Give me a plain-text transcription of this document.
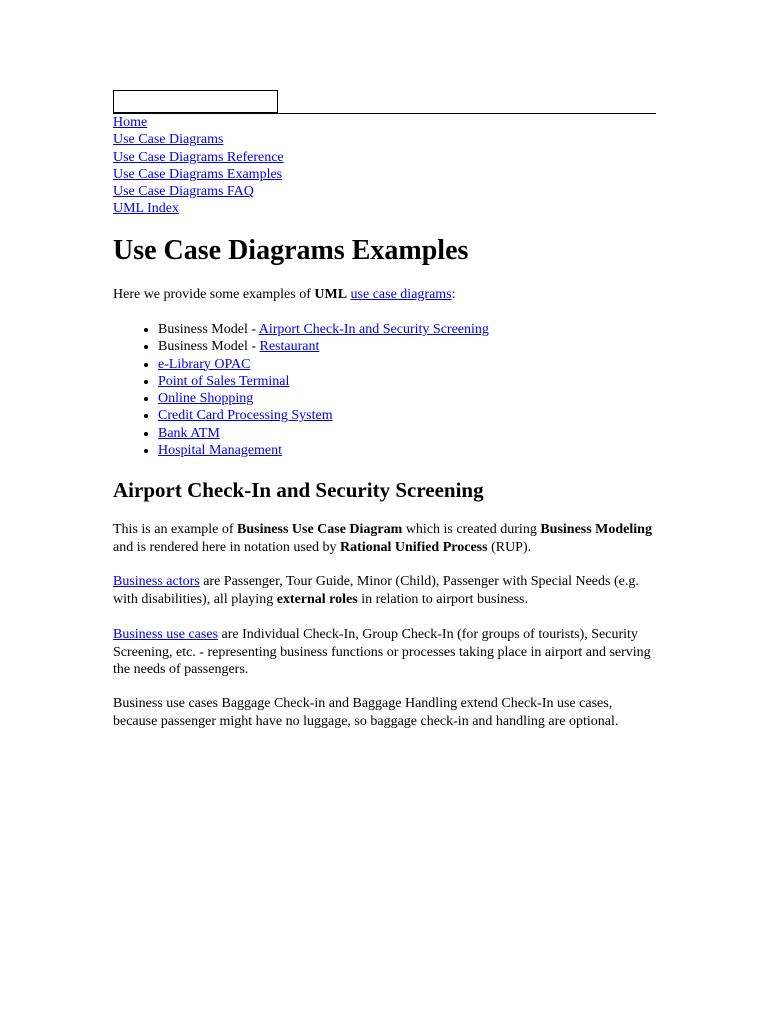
Home
Use Case Diagrams
Use Case Diagrams Reference
Use Case Diagrams Examples
Use Case Diagrams FAQ
UML Index
Use Case Diagrams Examples

Here we provide some examples of UML use case diagrams:

• Business Model - Airport Check-In and Security Screening
• Business Model - Restaurant
• e-Library OPAC
• Point of Sales Terminal
• Online Shopping
• Credit Card Processing System
• Bank ATM
• Hospital Management
Airport Check-In and Security Screening

This is an example of Business Use Case Diagram which is created during Business Modeling and is rendered here in notation used by Rational Unified Process (RUP).

Business actors are Passenger, Tour Guide, Minor (Child), Passenger with Special Needs (e.g. with disabilities), all playing external roles in relation to airport business.

Business use cases are Individual Check-In, Group Check-In (for groups of tourists), Security Screening, etc. - representing business functions or processes taking place in airport and serving the needs of passengers.

Business use cases Baggage Check-in and Baggage Handling extend Check-In use cases, because passenger might have no luggage, so baggage check-in and handling are optional.
